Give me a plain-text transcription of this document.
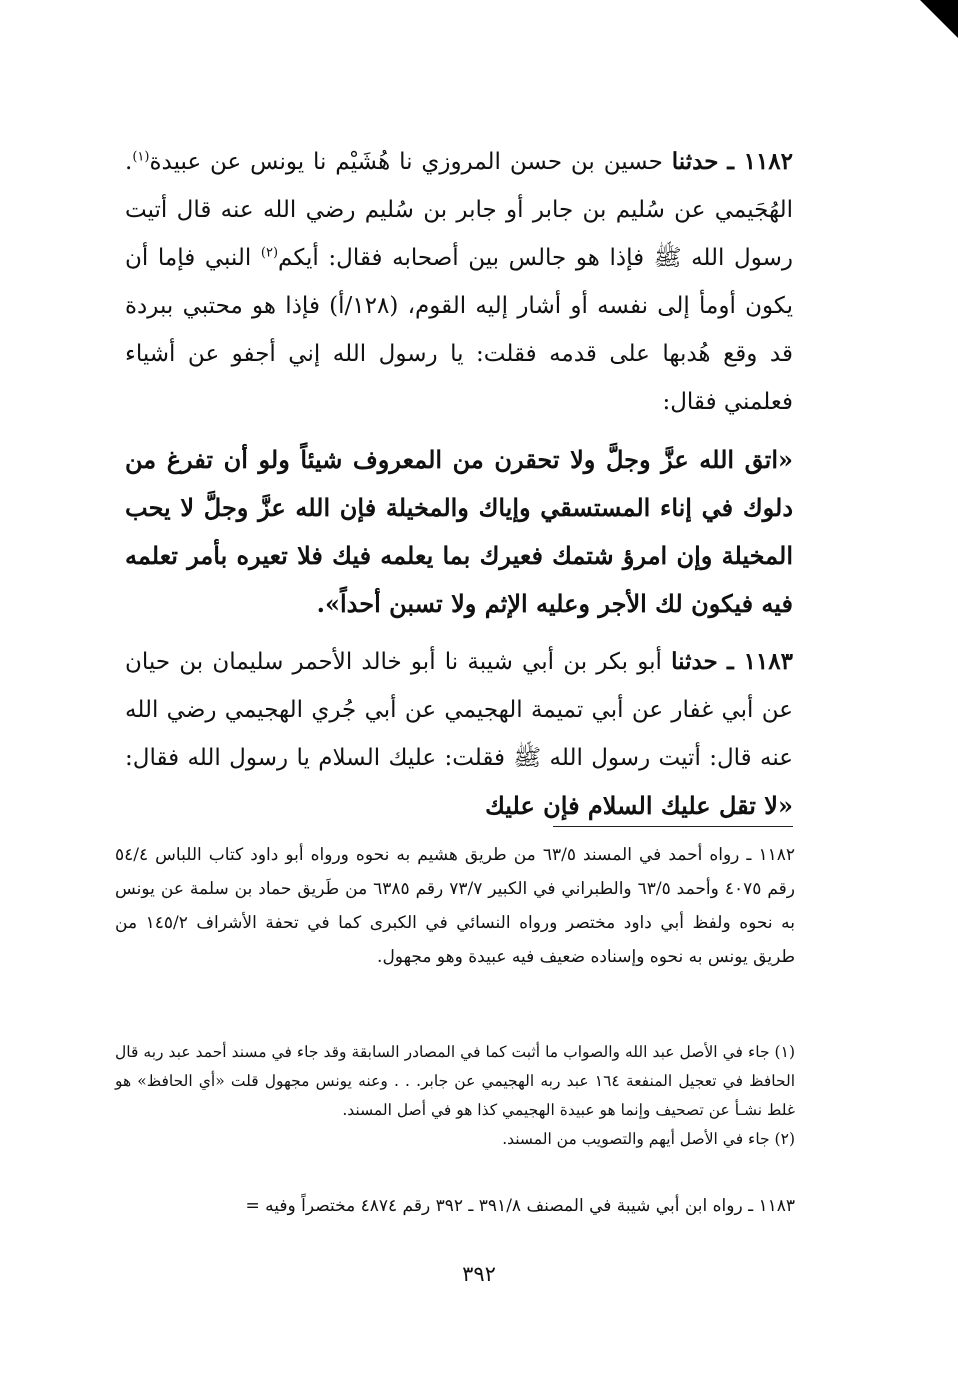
١١٨٢ ـ حدثنا حسين بن حسن المروزي نا هُشَيْم نا يونس عن عبيدة$^{(١)}$. الهُجَيمي عن سُليم بن جابر أو جابر بن سُليم رضي الله عنه قال أتيت رسول الله ﷺ فإذا هو جالس بين أصحابه فقال: أيكم$^{(٢)}$ النبي فإما أن يكون أومأ إلى نفسه أو أشار إليه القوم، (١٢٨/أ) فإذا هو محتبي ببردة قد وقع هُدبها على قدمه فقلت: يا رسول الله إني أجفو عن أشياء فعلمني فقال:

«اتق الله عزَّ وجلَّ ولا تحقرن من المعروف شيئاً ولو أن تفرغ من دلوك في إناء المستسقي وإياك والمخيلة فإن الله عزَّ وجلَّ لا يحب المخيلة وإن امرؤ شتمك فعيرك بما يعلمه فيك فلا تعيره بأمر تعلمه فيه فيكون لك الأجر وعليه الإثم ولا تسبن أحداً».

١١٨٣ ـ حدثنا أبو بكر بن أبي شيبة نا أبو خالد الأحمر سليمان بن حيان عن أبي غفار عن أبي تميمة الهجيمي عن أبي جُري الهجيمي رضي الله عنه قال: أتيت رسول الله ﷺ فقلت: عليك السلام يا رسول الله فقال: «لا تقل عليك السلام فإن عليك

١١٨٢ ـ رواه أحمد في المسند ٦٣/٥ من طريق هشيم به نحوه ورواه أبو داود كتاب اللباس ٥٤/٤ رقم ٤٠٧٥ وأحمد ٦٣/٥ والطبراني في الكبير ٧٣/٧ رقم ٦٣٨٥ من طَريق حماد بن سلمة عن يونس به نحوه ولفظ أبي داود مختصر ورواه النسائي في الكبرى كما في تحفة الأشراف ١٤٥/٢ من طريق يونس به نحوه وإسناده ضعيف فيه عبيدة وهو مجهول.

(١) جاء في الأصل عبد الله والصواب ما أثبت كما في المصادر السابقة وقد جاء في مسند أحمد عبد ربه قال الحافظ في تعجيل المنفعة ١٦٤ عبد ربه الهجيمي عن جابر. . . وعنه يونس مجهول قلت «أي الحافظ» هو غلط نشـأ عن تصحيف وإنما هو عبيدة الهجيمي كذا هو في أصل المسند.

(٢) جاء في الأصل أيهم والتصويب من المسند.

١١٨٣ ـ رواه ابن أبي شيبة في المصنف ٣٩١/٨ ـ ٣٩٢ رقم ٤٨٧٤ مختصراً وفيه =

٣٩٢
